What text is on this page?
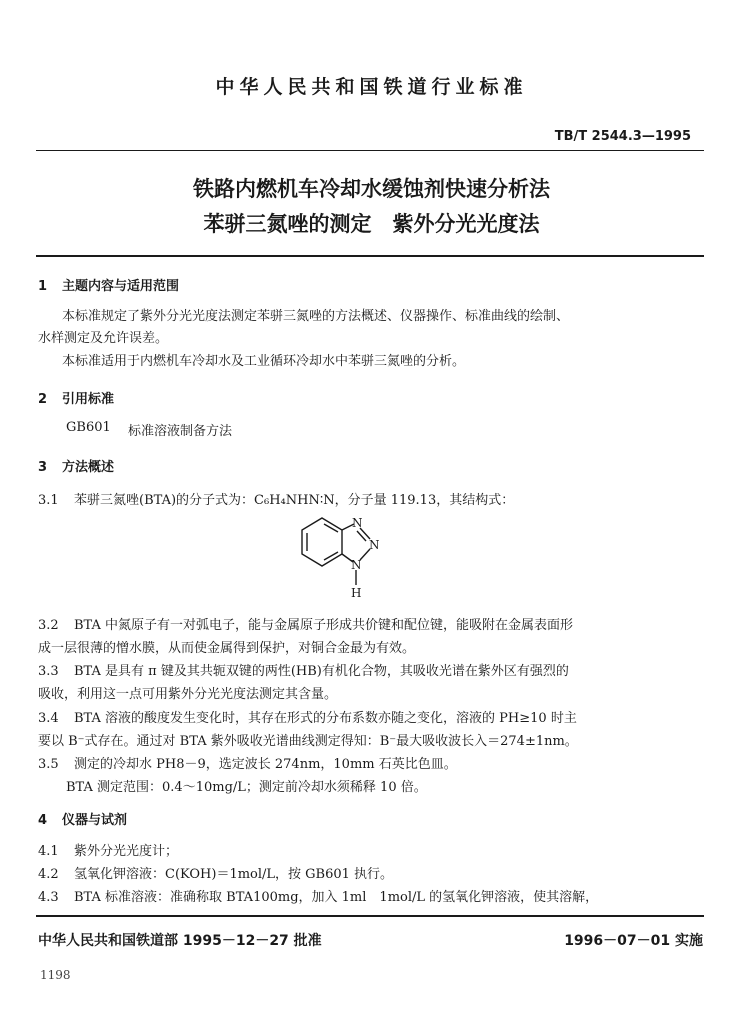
中华人民共和国铁道行业标准
TB/T 2544.3—1995
铁路内燃机车冷却水缓蚀剂快速分析法
苯骈三氮唑的测定　紫外分光光度法
1 主题内容与适用范围
本标准规定了紫外分光光度法测定苯骈三氮唑的方法概述、仪器操作、标准曲线的绘制、
水样测定及允许误差。
本标准适用于内燃机车冷却水及工业循环冷却水中苯骈三氮唑的分析。
2 引用标准
GB601 标准溶液制备方法
3 方法概述
3.1 苯骈三氮唑(BTA)的分子式为：C₆H₄NHN∶N，分子量 119.13，其结构式：
N
N
N
H
3.2 BTA 中氮原子有一对弧电子，能与金属原子形成共价键和配位键，能吸附在金属表面形
成一层很薄的憎水膜，从而使金属得到保护，对铜合金最为有效。
3.3 BTA 是具有 π 键及其共轭双键的两性(HB)有机化合物，其吸收光谱在紫外区有强烈的
吸收，利用这一点可用紫外分光光度法测定其含量。
3.4 BTA 溶液的酸度发生变化时，其存在形式的分布系数亦随之变化，溶液的 PH≥10 时主
要以 B⁻式存在。通过对 BTA 紫外吸收光谱曲线测定得知：B⁻最大吸收波长入＝274±1nm。
3.5 测定的冷却水 PH8－9，选定波长 274nm，10mm 石英比色皿。
BTA 测定范围：0.4～10mg/L；测定前冷却水须稀释 10 倍。
4 仪器与试剂
4.1 紫外分光光度计；
4.2 氢氧化钾溶液：C(KOH)＝1mol/L，按 GB601 执行。
4.3 BTA 标准溶液：准确称取 BTA100mg，加入 1ml　1mol/L 的氢氧化钾溶液，使其溶解，
中华人民共和国铁道部 1995－12－27 批准	1996－07－01 实施
1198
